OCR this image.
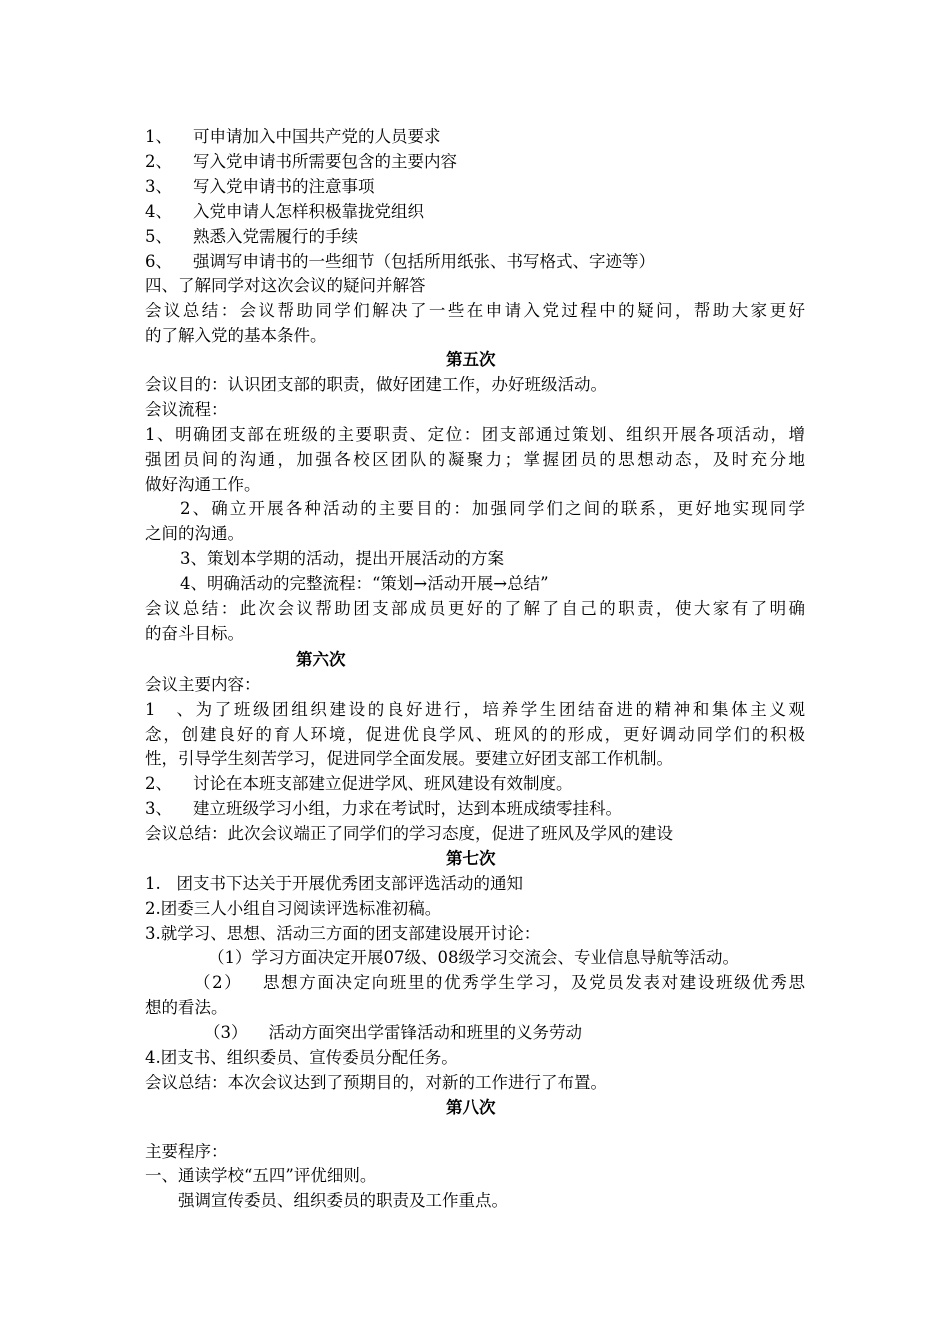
1、 可申请加入中国共产党的人员要求
2、 写入党申请书所需要包含的主要内容
3、 写入党申请书的注意事项
4、 入党申请人怎样积极靠拢党组织
5、 熟悉入党需履行的手续
6、 强调写申请书的一些细节（包括所用纸张、书写格式、字迹等）
四、了解同学对这次会议的疑问并解答
会议总结：会议帮助同学们解决了一些在申请入党过程中的疑问，帮助大家更好
的了解入党的基本条件。
第五次
会议目的：认识团支部的职责，做好团建工作，办好班级活动。
会议流程：
1、明确团支部在班级的主要职责、定位：团支部通过策划、组织开展各项活动，增
强团员间的沟通，加强各校区团队的凝聚力；掌握团员的思想动态，及时充分地
做好沟通工作。
2、确立开展各种活动的主要目的：加强同学们之间的联系，更好地实现同学
之间的沟通。
3、策划本学期的活动，提出开展活动的方案
4、明确活动的完整流程：“策划→活动开展→总结”
会议总结：此次会议帮助团支部成员更好的了解了自己的职责，使大家有了明确
的奋斗目标。
第六次
会议主要内容：
1、为了班级团组织建设的良好进行，培养学生团结奋进的精神和集体主义观
念，创建良好的育人环境，促进优良学风、班风的的形成，更好调动同学们的积极
性，引导学生刻苦学习，促进同学全面发展。要建立好团支部工作机制。
2、 讨论在本班支部建立促进学风、班风建设有效制度。
3、 建立班级学习小组，力求在考试时，达到本班成绩零挂科。
会议总结：此次会议端正了同学们的学习态度，促进了班风及学风的建设
第七次
1.   团支书下达关于开展优秀团支部评选活动的通知
2.团委三人小组自习阅读评选标准初稿。
3.就学习、思想、活动三方面的团支部建设展开讨论：
（1）学习方面决定开展07级、08级学习交流会、专业信息导航等活动。
（2）   思想方面决定向班里的优秀学生学习，及党员发表对建设班级优秀思
想的看法。
（3）    活动方面突出学雷锋活动和班里的义务劳动
4.团支书、组织委员、宣传委员分配任务。
会议总结：本次会议达到了预期目的，对新的工作进行了布置。
第八次
主要程序：
一、通读学校“五四”评优细则。
强调宣传委员、组织委员的职责及工作重点。
